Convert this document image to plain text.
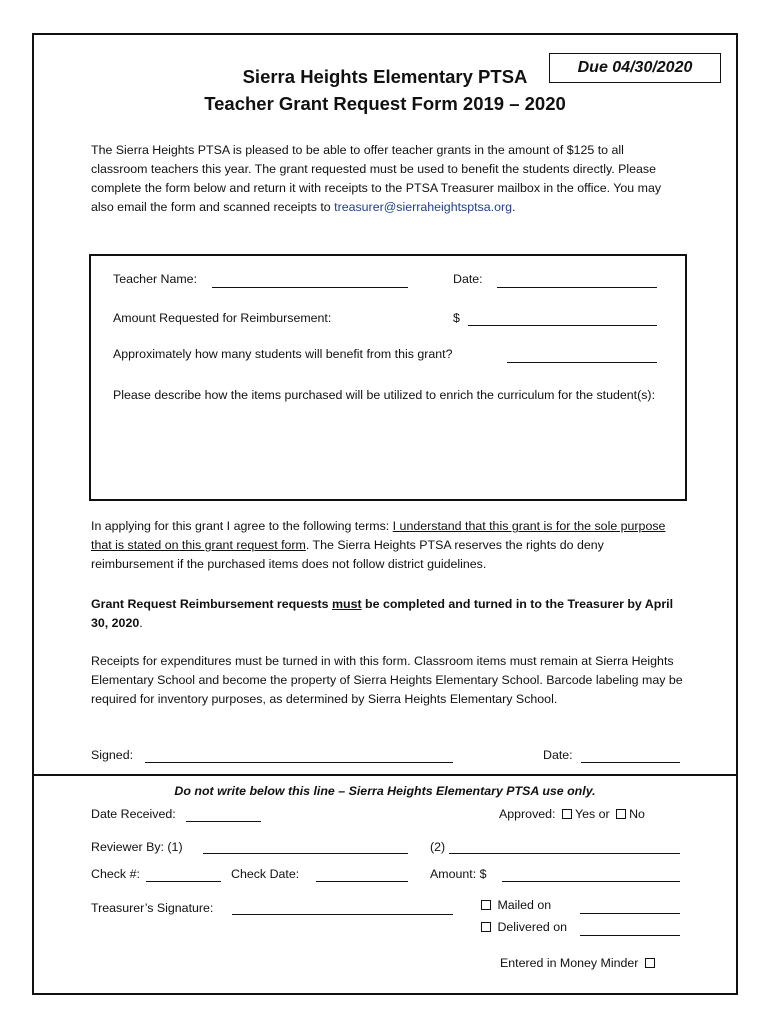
Due 04/30/2020
Sierra Heights Elementary PTSA
Teacher Grant Request Form 2019 – 2020
The Sierra Heights PTSA is pleased to be able to offer teacher grants in the amount of $125 to all classroom teachers this year. The grant requested must be used to benefit the students directly. Please complete the form below and return it with receipts to the PTSA Treasurer mailbox in the office. You may also email the form and scanned receipts to treasurer@sierraheightsptsa.org.
Teacher Name:	Date:
Amount Requested for Reimbursement:	$
Approximately how many students will benefit from this grant?
Please describe how the items purchased will be utilized to enrich the curriculum for the student(s):
In applying for this grant I agree to the following terms: I understand that this grant is for the sole purpose that is stated on this grant request form. The Sierra Heights PTSA reserves the rights do deny reimbursement if the purchased items does not follow district guidelines.
Grant Request Reimbursement requests must be completed and turned in to the Treasurer by April 30, 2020.
Receipts for expenditures must be turned in with this form. Classroom items must remain at Sierra Heights Elementary School and become the property of Sierra Heights Elementary School. Barcode labeling may be required for inventory purposes, as determined by Sierra Heights Elementary School.
Signed:	Date:
Do not write below this line – Sierra Heights Elementary PTSA use only.
Date Received:	Approved: Yes or No
Reviewer By: (1)	(2)
Check #:	Check Date:	Amount: $
Treasurer’s Signature:	Mailed on
Delivered on
Entered in Money Minder
